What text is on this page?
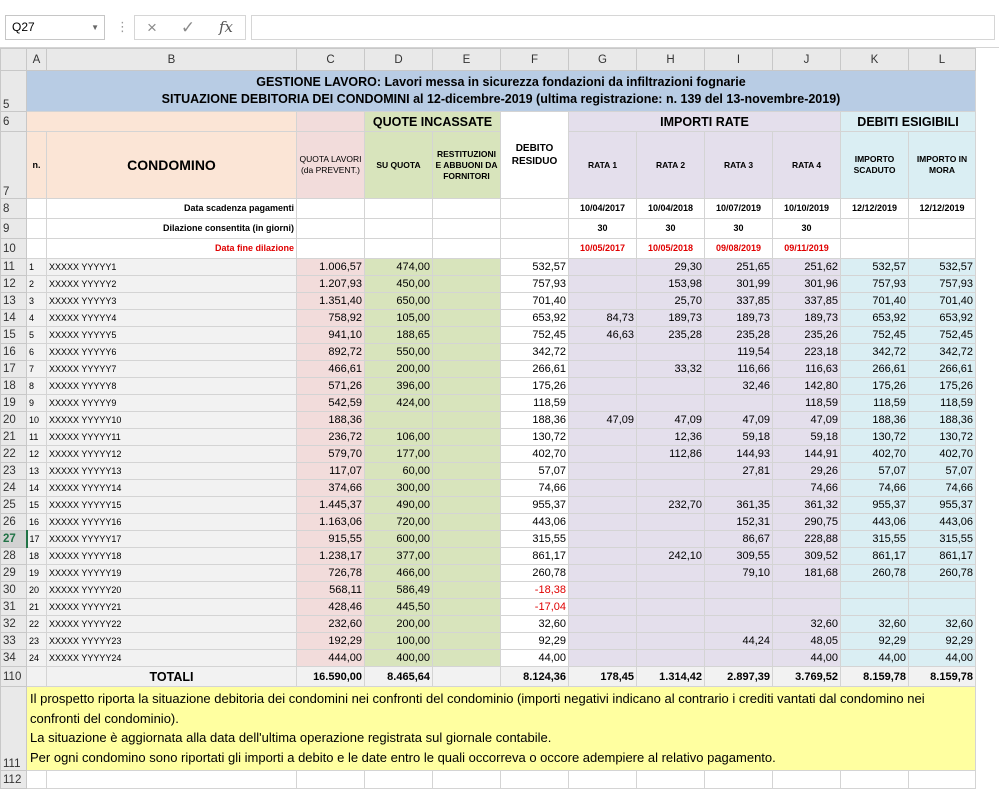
Q27	▼ ⋮ × ✓ fx
	A	B	C	D	E	F	G	H	I	J	K	L
5	GESTIONE LAVORO: Lavori messa in sicurezza fondazioni da infiltrazioni fognarie
SITUAZIONE DEBITORIA DEI CONDOMINI al 12-dicembre-2019 (ultima registrazione: n. 139 del 13-novembre-2019)											

6				QUOTE INCASSATE		DEBITO RESIDUO	IMPORTI RATE				DEBITI ESIGIBILI	
7	n.	CONDOMINO	QUOTA LAVORI (da PREVENT.)	SU QUOTA	RESTITUZIONI E ABBUONI DA FORNITORI		RATA 1	RATA 2	RATA 3	RATA 4	IMPORTO SCADUTO	IMPORTO IN MORA
8		Data scadenza pagamenti					10/04/2017	10/04/2018	10/07/2019	10/10/2019	12/12/2019	12/12/2019
9		Dilazione consentita (in giorni)					30	30	30	30		
10		Data fine dilazione					10/05/2017	10/05/2018	09/08/2019	09/11/2019		
11	1	XXXXX YYYYY1	1.006,57	474,00		532,57		29,30	251,65	251,62	532,57	532,57
12	2	XXXXX YYYYY2	1.207,93	450,00		757,93		153,98	301,99	301,96	757,93	757,93
13	3	XXXXX YYYYY3	1.351,40	650,00		701,40		25,70	337,85	337,85	701,40	701,40
14	4	XXXXX YYYYY4	758,92	105,00		653,92	84,73	189,73	189,73	189,73	653,92	653,92
15	5	XXXXX YYYYY5	941,10	188,65		752,45	46,63	235,28	235,28	235,26	752,45	752,45
16	6	XXXXX YYYYY6	892,72	550,00		342,72			119,54	223,18	342,72	342,72
17	7	XXXXX YYYYY7	466,61	200,00		266,61		33,32	116,66	116,63	266,61	266,61
18	8	XXXXX YYYYY8	571,26	396,00		175,26			32,46	142,80	175,26	175,26
19	9	XXXXX YYYYY9	542,59	424,00		118,59				118,59	118,59	118,59
20	10	XXXXX YYYYY10	188,36			188,36	47,09	47,09	47,09	47,09	188,36	188,36
21	11	XXXXX YYYYY11	236,72	106,00		130,72		12,36	59,18	59,18	130,72	130,72
22	12	XXXXX YYYYY12	579,70	177,00		402,70		112,86	144,93	144,91	402,70	402,70
23	13	XXXXX YYYYY13	117,07	60,00		57,07			27,81	29,26	57,07	57,07
24	14	XXXXX YYYYY14	374,66	300,00		74,66				74,66	74,66	74,66
25	15	XXXXX YYYYY15	1.445,37	490,00		955,37		232,70	361,35	361,32	955,37	955,37
26	16	XXXXX YYYYY16	1.163,06	720,00		443,06			152,31	290,75	443,06	443,06
27	17	XXXXX YYYYY17	915,55	600,00		315,55			86,67	228,88	315,55	315,55
28	18	XXXXX YYYYY18	1.238,17	377,00		861,17		242,10	309,55	309,52	861,17	861,17
29	19	XXXXX YYYYY19	726,78	466,00		260,78			79,10	181,68	260,78	260,78
30	20	XXXXX YYYYY20	568,11	586,49		-18,38						
31	21	XXXXX YYYYY21	428,46	445,50		-17,04						
32	22	XXXXX YYYYY22	232,60	200,00		32,60				32,60	32,60	32,60
33	23	XXXXX YYYYY23	192,29	100,00		92,29			44,24	48,05	92,29	92,29
34	24	XXXXX YYYYY24	444,00	400,00		44,00				44,00	44,00	44,00
110		TOTALI	16.590,00	8.465,64		8.124,36	178,45	1.314,42	2.897,39	3.769,52	8.159,78	8.159,78
111	Il prospetto riporta la situazione debitoria dei condomini nei confronti del condominio (importi negativi indicano al contrario i crediti vantati dal condomino nei confronti del condominio).
La situazione è aggiornata alla data dell'ultima operazione registrata sul giornale contabile.
Per ogni condomino sono riportati gli importi a debito e le date entro le quali occorreva o occore adempiere al relativo pagamento.											

112												
